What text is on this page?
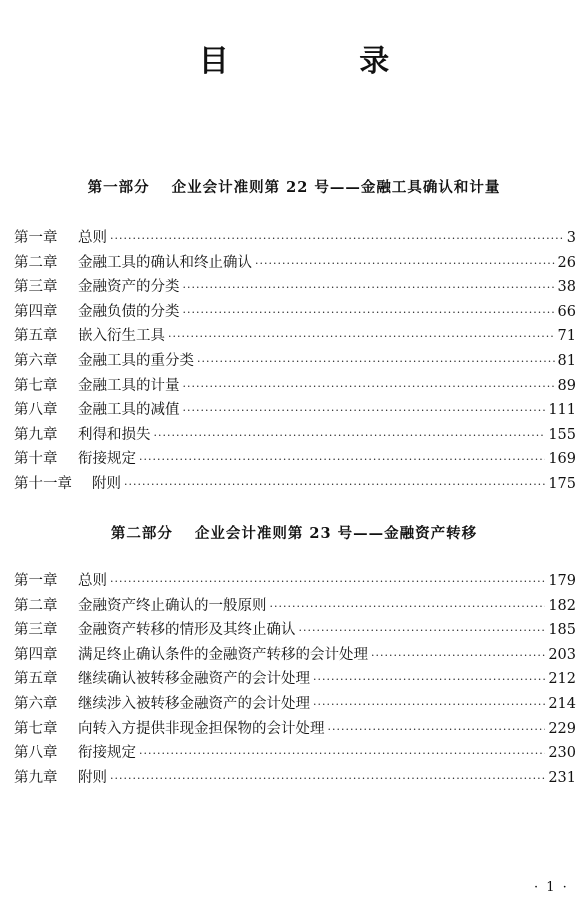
目 录
第一部分 企业会计准则第 22 号——金融工具确认和计量
第一章	总则 ·····	3
第二章	金融工具的确认和终止确认 ·····	26
第三章	金融资产的分类 ·····	38
第四章	金融负债的分类 ·····	66
第五章	嵌入衍生工具 ·····	71
第六章	金融工具的重分类 ·····	81
第七章	金融工具的计量 ·····	89
第八章	金融工具的减值 ·····	111
第九章	利得和损失 ·····	155
第十章	衔接规定 ·····	169
第十一章	附则 ·····	175
第二部分 企业会计准则第 23 号——金融资产转移
第一章	总则 ·····	179
第二章	金融资产终止确认的一般原则 ·····	182
第三章	金融资产转移的情形及其终止确认 ·····	185
第四章	满足终止确认条件的金融资产转移的会计处理 ·····	203
第五章	继续确认被转移金融资产的会计处理 ·····	212
第六章	继续涉入被转移金融资产的会计处理 ·····	214
第七章	向转入方提供非现金担保物的会计处理 ·····	229
第八章	衔接规定 ·····	230
第九章	附则 ·····	231
· 1 ·
